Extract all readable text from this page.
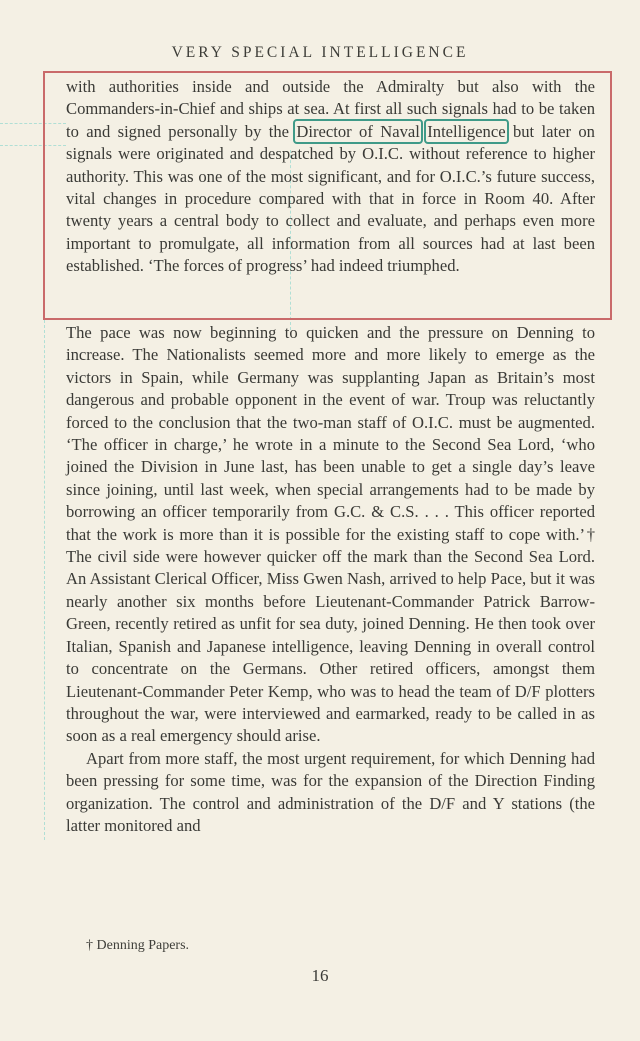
VERY SPECIAL INTELLIGENCE

with authorities inside and outside the Admiralty but also with the Commanders-in-Chief and ships at sea. At first all such signals had to be taken to and signed personally by the Director of Naval Intelligence but later on signals were originated and despatched by O.I.C. without reference to higher authority. This was one of the most significant, and for O.I.C.’s future success, vital changes in procedure compared with that in force in Room 40. After twenty years a central body to collect and evaluate, and perhaps even more important to promulgate, all information from all sources had at last been established. ‘The forces of progress’ had indeed triumphed.

The pace was now beginning to quicken and the pressure on Denning to increase. The Nationalists seemed more and more likely to emerge as the victors in Spain, while Germany was supplanting Japan as Britain’s most dangerous and probable opponent in the event of war. Troup was reluctantly forced to the conclusion that the two-man staff of O.I.C. must be augmented. ‘The officer in charge,’ he wrote in a minute to the Second Sea Lord, ‘who joined the Division in June last, has been unable to get a single day’s leave since joining, until last week, when special arrangements had to be made by borrowing an officer temporarily from G.C. & C.S. . . . This officer reported that the work is more than it is possible for the existing staff to cope with.’† The civil side were however quicker off the mark than the Second Sea Lord. An Assistant Clerical Officer, Miss Gwen Nash, arrived to help Pace, but it was nearly another six months before Lieutenant-Commander Patrick Barrow-Green, recently retired as unfit for sea duty, joined Denning. He then took over Italian, Spanish and Japanese intelligence, leaving Denning in overall control to concentrate on the Germans. Other retired officers, amongst them Lieutenant-Commander Peter Kemp, who was to head the team of D/F plotters throughout the war, were interviewed and earmarked, ready to be called in as soon as a real emergency should arise.

Apart from more staff, the most urgent requirement, for which Denning had been pressing for some time, was for the expansion of the Direction Finding organization. The control and administration of the D/F and Y stations (the latter monitored and

† Denning Papers.
16
